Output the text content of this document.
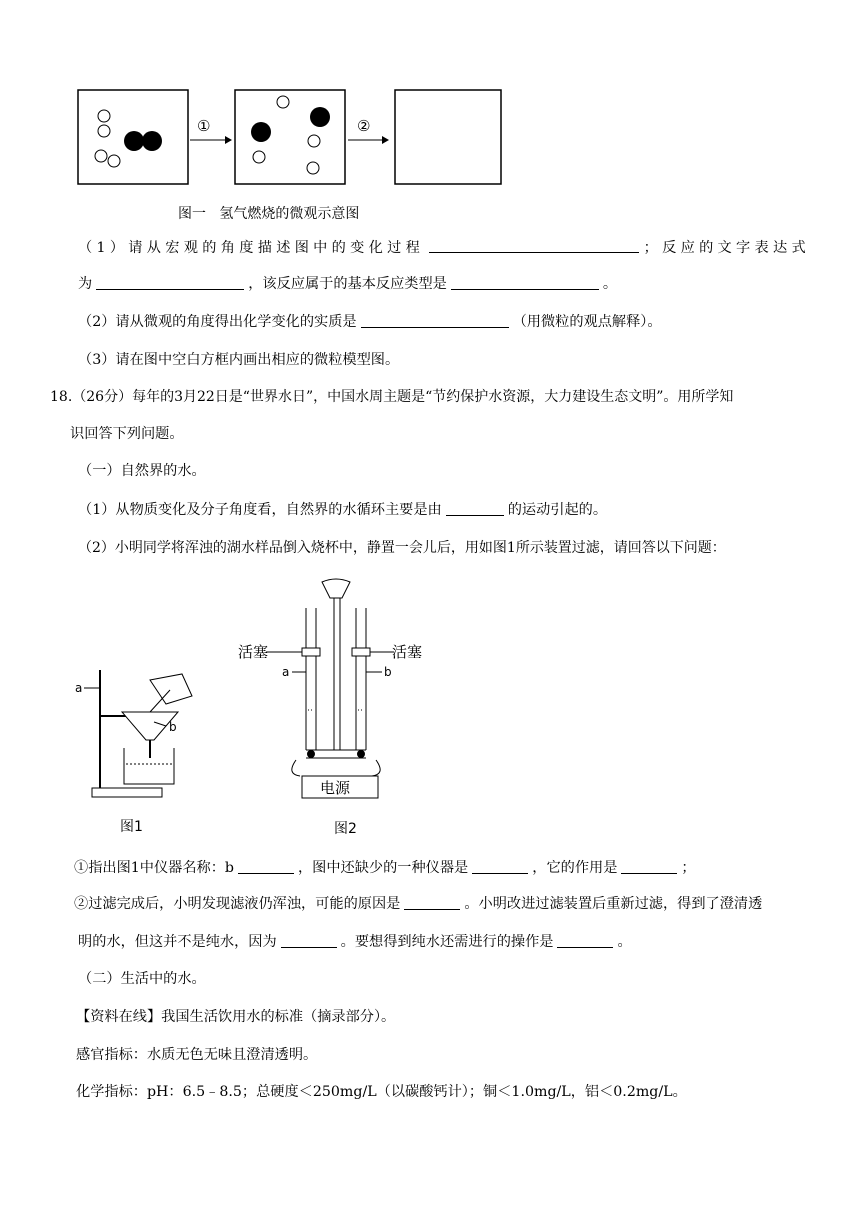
①	②
图一 氢气燃烧的微观示意图
（1）请从宏观的角度描述图中的变化过程	；反应的文字表达式
为	，该反应属于的基本反应类型是	。
（2）请从微观的角度得出化学变化的实质是	（用微粒的观点解释）。
（3）请在图中空白方框内画出相应的微粒模型图。
18.（26分）每年的3月22日是“世界水日”，中国水周主题是“节约保护水资源，大力建设生态文明”。用所学知
识回答下列问题。
（一）自然界的水。
（1）从物质变化及分子角度看，自然界的水循环主要是由	的运动引起的。
（2）小明同学将浑浊的湖水样品倒入烧杯中，静置一会儿后，用如图1所示装置过滤，请回答以下问题：
a
b
图1
活塞	活塞
a	b
电源
图2
①指出图1中仪器名称：b	，图中还缺少的一种仪器是	，它的作用是	；
②过滤完成后，小明发现滤液仍浑浊，可能的原因是	。小明改进过滤装置后重新过滤，得到了澄清透
明的水，但这并不是纯水，因为	。要想得到纯水还需进行的操作是	。
（二）生活中的水。
【资料在线】我国生活饮用水的标准（摘录部分）。
感官指标：水质无色无味且澄清透明。
化学指标：pH：6.5﹣8.5；总硬度＜250mg/L（以碳酸钙计）；铜＜1.0mg/L，铝＜0.2mg/L。
